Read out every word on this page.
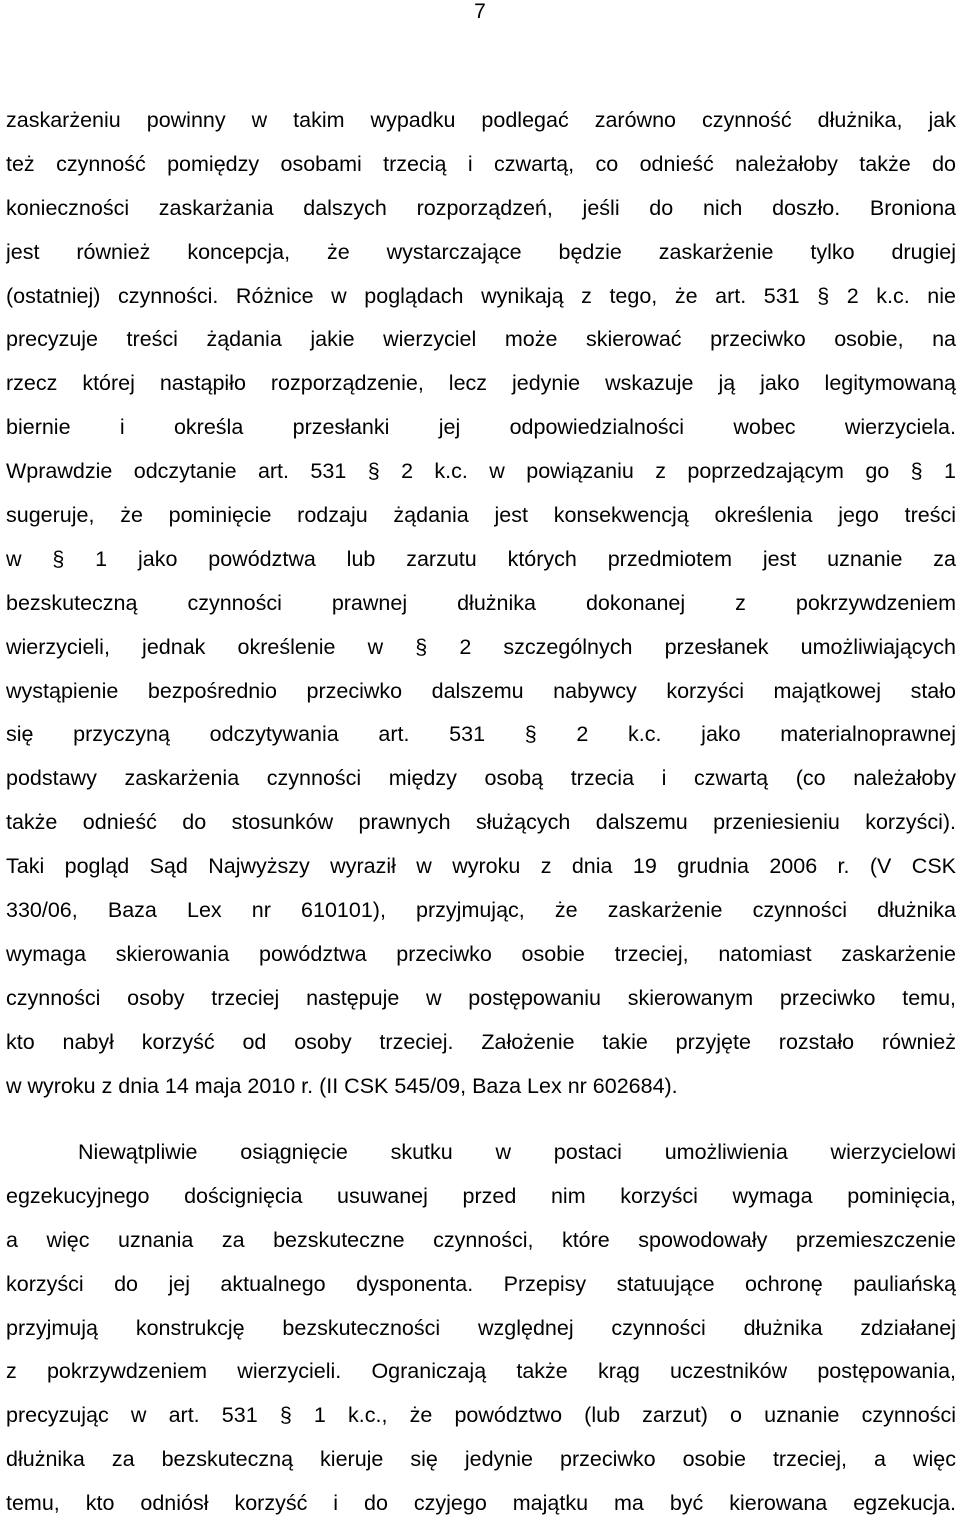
7
zaskarżeniu powinny w takim wypadku podlegać zarówno czynność dłużnika, jak
też czynność pomiędzy osobami trzecią i czwartą, co odnieść należałoby także do
konieczności zaskarżania dalszych rozporządzeń, jeśli do nich doszło. Broniona
jest również koncepcja, że wystarczające będzie zaskarżenie tylko drugiej
(ostatniej) czynności. Różnice w poglądach wynikają z tego, że art. 531 § 2 k.c. nie
precyzuje treści żądania jakie wierzyciel może skierować przeciwko osobie, na
rzecz której nastąpiło rozporządzenie, lecz jedynie wskazuje ją jako legitymowaną
biernie i określa przesłanki jej odpowiedzialności wobec wierzyciela.
Wprawdzie odczytanie art. 531 § 2 k.c. w powiązaniu z poprzedzającym go § 1
sugeruje, że pominięcie rodzaju żądania jest konsekwencją określenia jego treści
w § 1 jako powództwa lub zarzutu których przedmiotem jest uznanie za
bezskuteczną czynności prawnej dłużnika dokonanej z pokrzywdzeniem
wierzycieli, jednak określenie w § 2 szczególnych przesłanek umożliwiających
wystąpienie bezpośrednio przeciwko dalszemu nabywcy korzyści majątkowej stało
się przyczyną odczytywania art. 531 § 2 k.c. jako materialnoprawnej
podstawy zaskarżenia czynności między osobą trzecia i czwartą (co należałoby
także odnieść do stosunków prawnych służących dalszemu przeniesieniu korzyści).
Taki pogląd Sąd Najwyższy wyraził w wyroku z dnia 19 grudnia 2006 r. (V CSK
330/06, Baza Lex nr 610101), przyjmując, że zaskarżenie czynności dłużnika
wymaga skierowania powództwa przeciwko osobie trzeciej, natomiast zaskarżenie
czynności osoby trzeciej następuje w postępowaniu skierowanym przeciwko temu,
kto nabył korzyść od osoby trzeciej. Założenie takie przyjęte rozstało również
w wyroku z dnia 14 maja 2010 r. (II CSK 545/09, Baza Lex nr 602684).
Niewątpliwie osiągnięcie skutku w postaci umożliwienia wierzycielowi
egzekucyjnego doścignięcia usuwanej przed nim korzyści wymaga pominięcia,
a więc uznania za bezskuteczne czynności, które spowodowały przemieszczenie
korzyści do jej aktualnego dysponenta. Przepisy statuujące ochronę pauliańską
przyjmują konstrukcję bezskuteczności względnej czynności dłużnika zdziałanej
z pokrzywdzeniem wierzycieli. Ograniczają także krąg uczestników postępowania,
precyzując w art. 531 § 1 k.c., że powództwo (lub zarzut) o uznanie czynności
dłużnika za bezskuteczną kieruje się jedynie przeciwko osobie trzeciej, a więc
temu, kto odniósł korzyść i do czyjego majątku ma być kierowana egzekucja.
